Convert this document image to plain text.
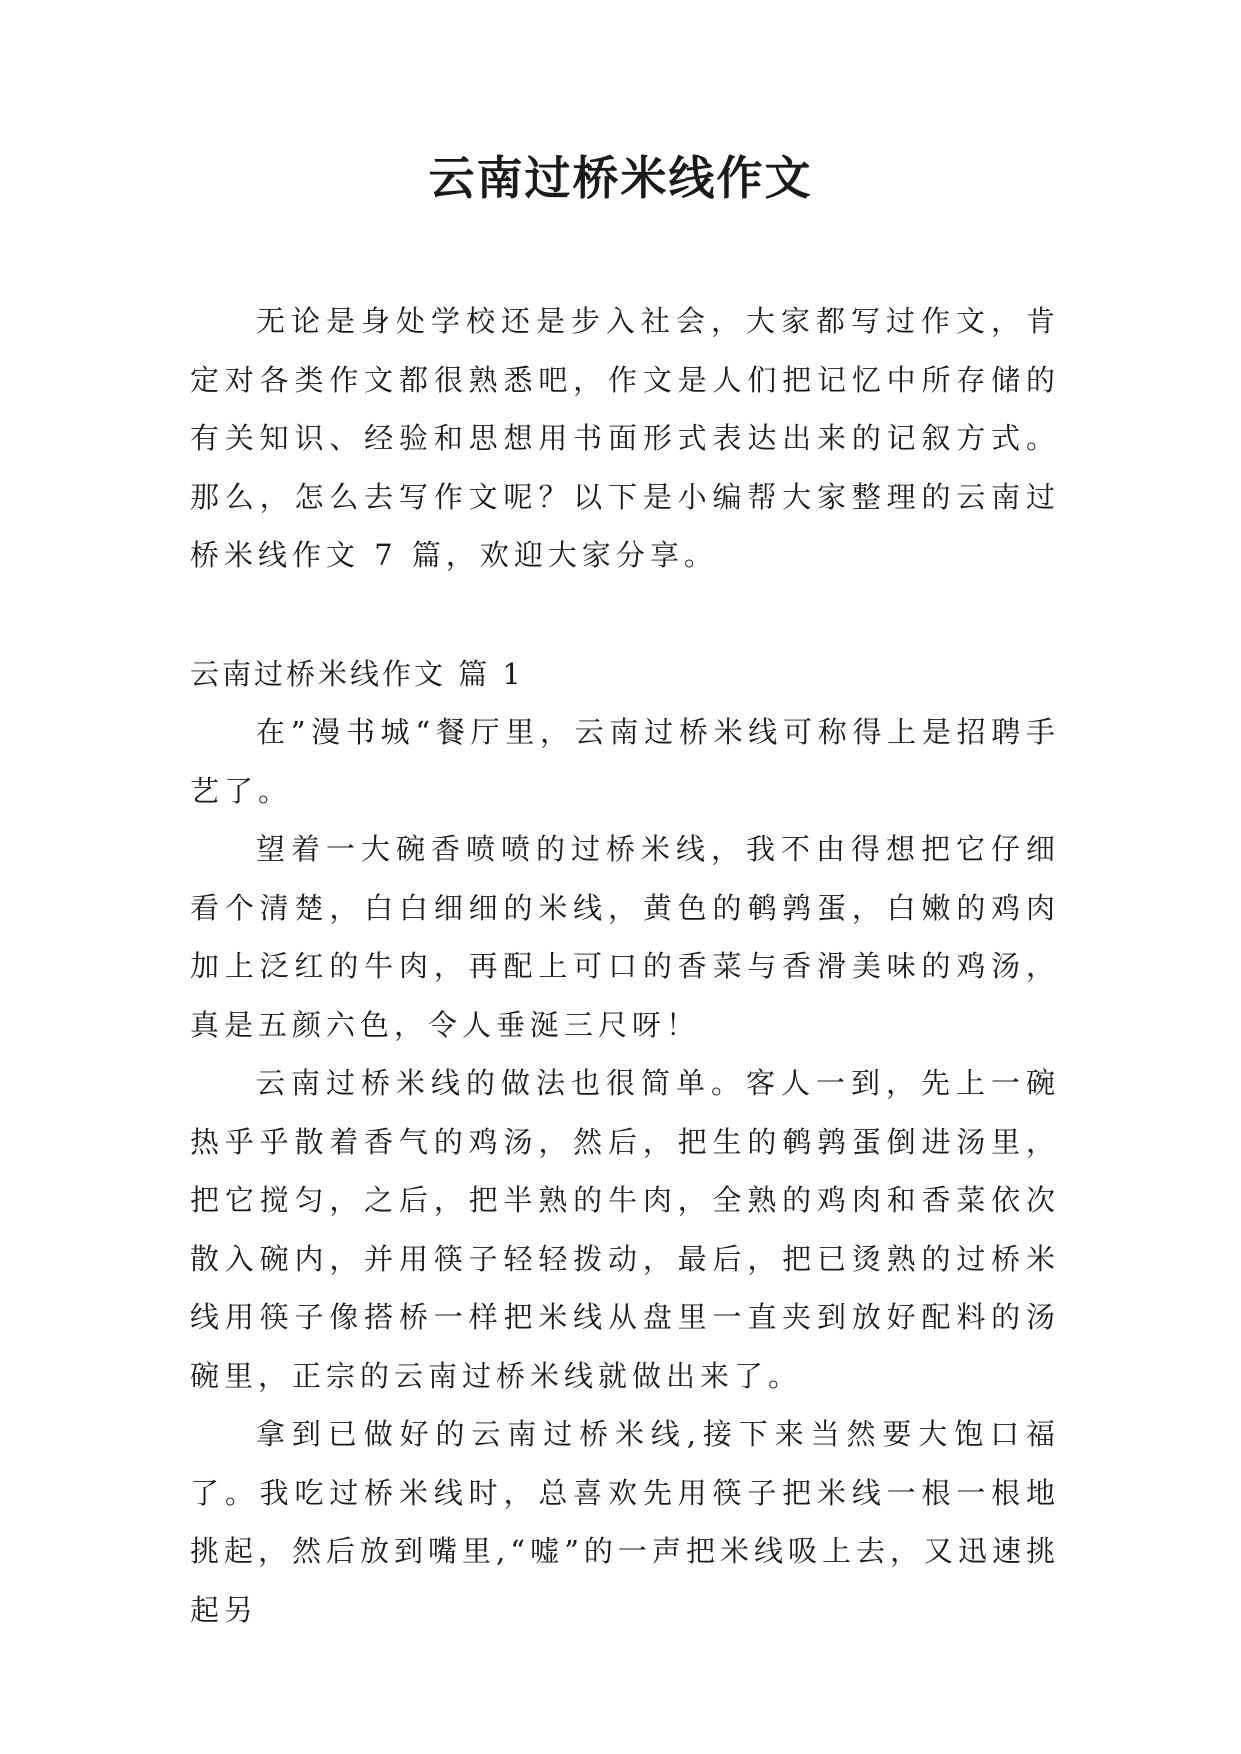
云南过桥米线作文

无论是身处学校还是步入社会，大家都写过作文，肯定对各类作文都很熟悉吧，作文是人们把记忆中所存储的有关知识、经验和思想用书面形式表达出来的记叙方式。那么，怎么去写作文呢？以下是小编帮大家整理的云南过桥米线作文 7 篇，欢迎大家分享。

云南过桥米线作文 篇 1

在”漫书城“餐厅里，云南过桥米线可称得上是招聘手艺了。

望着一大碗香喷喷的过桥米线，我不由得想把它仔细看个清楚，白白细细的米线，黄色的鹌鹑蛋，白嫩的鸡肉加上泛红的牛肉，再配上可口的香菜与香滑美味的鸡汤，真是五颜六色，令人垂涎三尺呀！

云南过桥米线的做法也很简单。客人一到，先上一碗热乎乎散着香气的鸡汤，然后，把生的鹌鹑蛋倒进汤里，把它搅匀，之后，把半熟的牛肉，全熟的鸡肉和香菜依次散入碗内，并用筷子轻轻拨动，最后，把已烫熟的过桥米线用筷子像搭桥一样把米线从盘里一直夹到放好配料的汤碗里，正宗的云南过桥米线就做出来了。

拿到已做好的云南过桥米线,接下来当然要大饱口福了。我吃过桥米线时，总喜欢先用筷子把米线一根一根地挑起，然后放到嘴里,“嘘”的一声把米线吸上去，又迅速挑起另
